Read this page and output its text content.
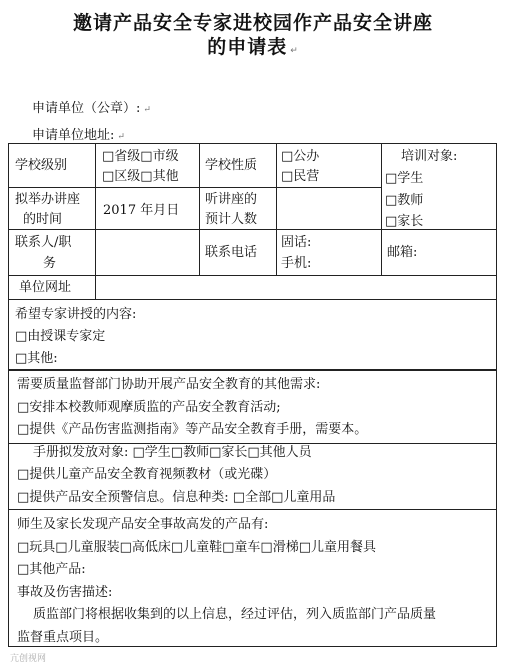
邀请产品安全专家进校园作产品安全讲座
的申请表 ↵
申请单位（公章）: ↵
申请单位地址: ↵
学校级别
□省级□市级
□区级□其他
学校性质
□公办
□民营
培训对象:
□学生
□教师
□家长
拟举办讲座
的时间
2017 年月日
听讲座的
预计人数
联系人/职
务
联系电话
固话:
手机:
邮箱:
单位网址
希望专家讲授的内容:
□由授课专家定
□其他:
需要质量监督部门协助开展产品安全教育的其他需求:
□安排本校教师观摩质监的产品安全教育活动;
□提供《产品伤害监测指南》等产品安全教育手册，需要本。
手册拟发放对象: □学生□教师□家长□其他人员
□提供儿童产品安全教育视频教材（或光碟）
□提供产品安全预警信息。信息种类: □全部□儿童用品
师生及家长发现产品安全事故高发的产品有:
□玩具□儿童服装□高低床□儿童鞋□童车□滑梯□儿童用餐具
□其他产品:
事故及伤害描述:
质监部门将根据收集到的以上信息，经过评估，列入质监部门产品质量
监督重点项目。
亢创视网
